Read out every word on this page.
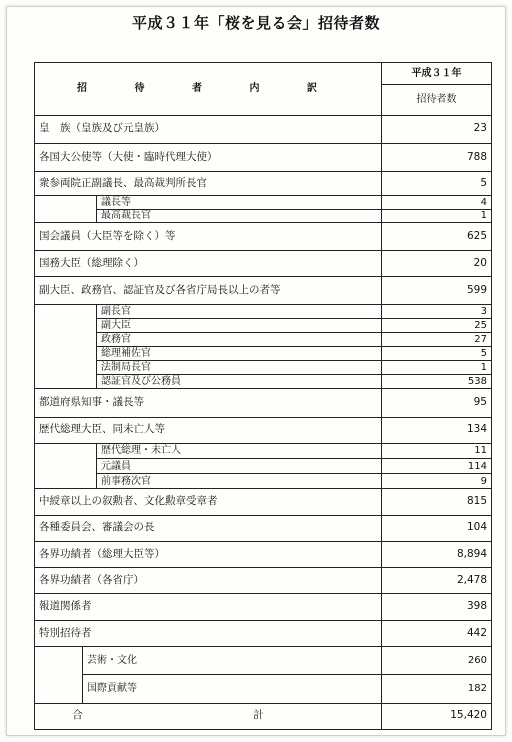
平成３１年「桜を見る会」招待者数
招 待 者 内 訳			平成３１年
			招待者数
皇　族（皇族及び元皇族）			23
各国大公使等（大使・臨時代理大使）			788
衆参両院正副議長、最高裁判所長官			5
		議長等	4
		最高裁長官	1
国会議員（大臣等を除く）等			625
国務大臣（総理除く）			20
副大臣、政務官、認証官及び各省庁局長以上の者等			599
		副長官	3
		副大臣	25
		政務官	27
		総理補佐官	5
		法制局長官	1
		認証官及び公務員	538
都道府県知事・議長等			95
歴代総理大臣、同未亡人等			134
		歴代総理・未亡人	11
		元議員	114
		前事務次官	9
中綬章以上の叙勲者、文化勲章受章者			815
各種委員会、審議会の長			104
各界功績者（総理大臣等）			8,894
各界功績者（各省庁）			2,478
報道関係者			398
特別招待者			442
	芸術・文化		260
	国際貢献等		182
合　計			15,420
